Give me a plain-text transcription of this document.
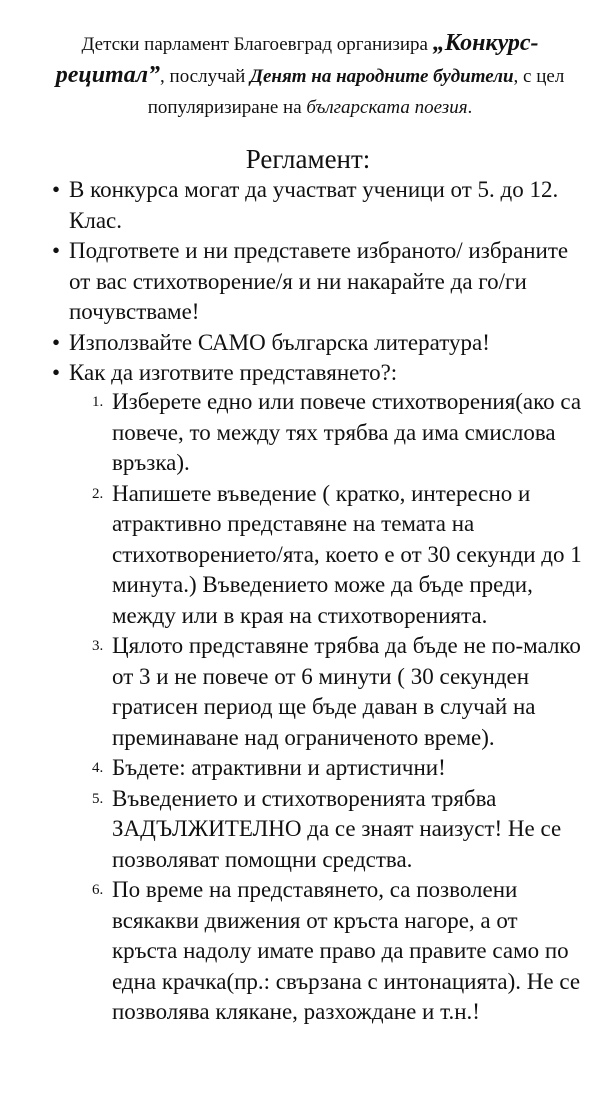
Детски парламент Благоевград организира „Конкурс-рецитал”, послучай Денят на народните будители, с цел популяризиране на българската поезия.
Регламент:
• В конкурса могат да участват ученици от 5. до 12. Клас.
• Подгответе и ни представете избраното/ избраните от вас стихотворение/я и ни накарайте да го/ги почувстваме!
• Използвайте САМО българска литература!
• Как да изготвите представянето?:
1. Изберете едно или повече стихотворения(ако са повече, то между тях трябва да има смислова връзка).
2. Напишете въведение ( кратко, интересно и атрактивно представяне на темата на стихотворението/ята, което е от 30 секунди до 1 минута.) Въведението може да бъде преди, между или в края на стихотворенията.
3. Цялото представяне трябва да бъде не по-малко от 3 и не повече от 6 минути ( 30 секунден гратисен период ще бъде даван в случай на преминаване над ограниченото време).
4. Бъдете: атрактивни и артистични!
5. Въведението и стихотворенията трябва ЗАДЪЛЖИТЕЛНО да се знаят наизуст! Не се позволяват помощни средства.
6. По време на представянето, са позволени всякакви движения от кръста нагоре, а от кръста надолу имате право да правите само по една крачка(пр.: свързана с интонацията). Не се позволява клякане, разхождане и т.н.!
